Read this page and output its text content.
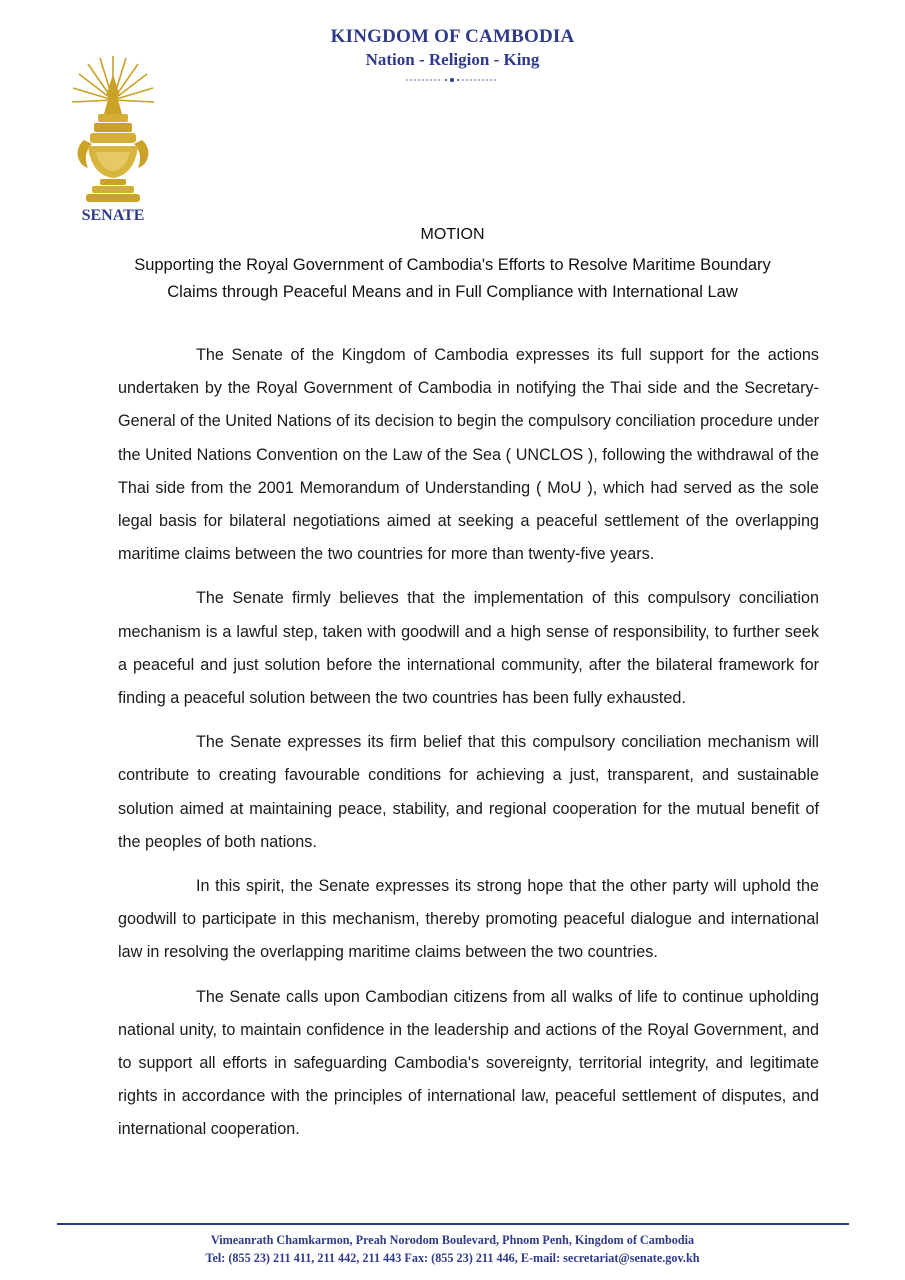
KINGDOM OF CAMBODIA
Nation - Religion - King
SENATE
MOTION
Supporting the Royal Government of Cambodia's Efforts to Resolve Maritime Boundary
Claims through Peaceful Means and in Full Compliance with International Law

The Senate of the Kingdom of Cambodia expresses its full support for the actions undertaken by the Royal Government of Cambodia in notifying the Thai side and the Secretary-General of the United Nations of its decision to begin the compulsory conciliation procedure under the United Nations Convention on the Law of the Sea ( UNCLOS ), following the withdrawal of the Thai side from the 2001 Memorandum of Understanding ( MoU ), which had served as the sole legal basis for bilateral negotiations aimed at seeking a peaceful settlement of the overlapping maritime claims between the two countries for more than twenty-five years.

The Senate firmly believes that the implementation of this compulsory conciliation mechanism is a lawful step, taken with goodwill and a high sense of responsibility, to further seek a peaceful and just solution before the international community, after the bilateral framework for finding a peaceful solution between the two countries has been fully exhausted.

The Senate expresses its firm belief that this compulsory conciliation mechanism will contribute to creating favourable conditions for achieving a just, transparent, and sustainable solution aimed at maintaining peace, stability, and regional cooperation for the mutual benefit of the peoples of both nations.

In this spirit, the Senate expresses its strong hope that the other party will uphold the goodwill to participate in this mechanism, thereby promoting peaceful dialogue and international law in resolving the overlapping maritime claims between the two countries.

The Senate calls upon Cambodian citizens from all walks of life to continue upholding national unity, to maintain confidence in the leadership and actions of the Royal Government, and to support all efforts in safeguarding Cambodia's sovereignty, territorial integrity, and legitimate rights in accordance with the principles of international law, peaceful settlement of disputes, and international cooperation.

Vimeanrath Chamkarmon, Preah Norodom Boulevard, Phnom Penh, Kingdom of Cambodia
Tel: (855 23) 211 411, 211 442, 211 443 Fax: (855 23) 211 446, E-mail: secretariat@senate.gov.kh
